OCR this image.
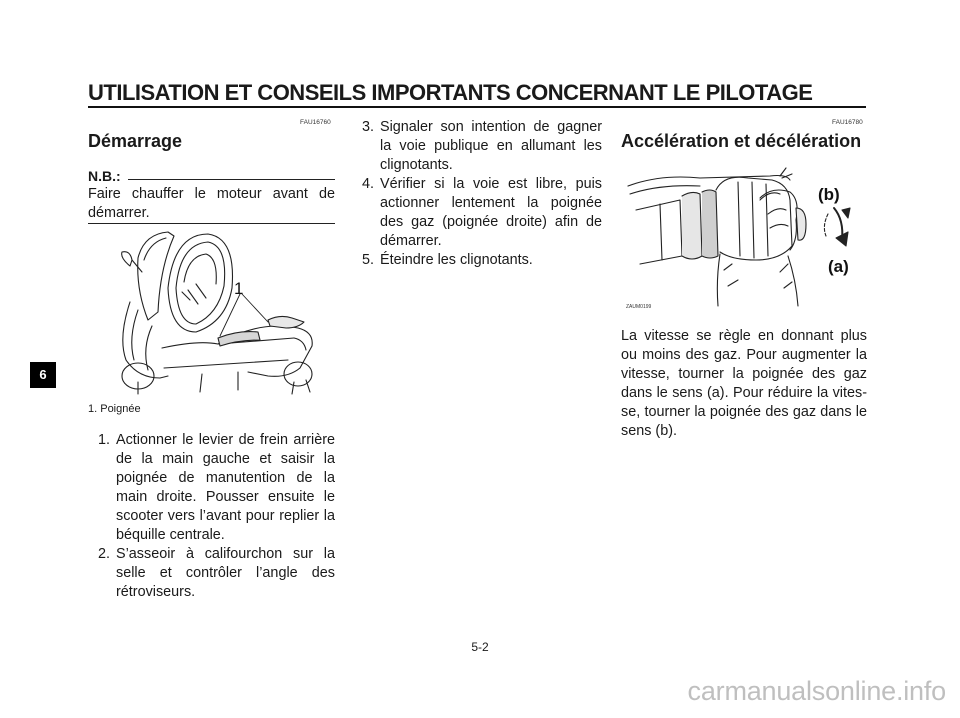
UTILISATION ET CONSEILS IMPORTANTS CONCERNANT LE PILOTAGE
6
FAU16760
Démarrage
N.B.:
Faire chauffer le moteur avant de démarrer.
1
1. Poignée
1. Actionner le levier de frein arrière de la main gauche et saisir la poignée de manutention de la main droite. Pousser ensuite le scooter vers l’avant pour replier la béquille centrale.
2. S’asseoir à califourchon sur la selle et contrôler l’angle des rétroviseurs.
3. Signaler son intention de gagner la voie publique en allumant les clignotants.
4. Vérifier si la voie est libre, puis actionner lentement la poignée des gaz (poignée droite) afin de démarrer.
5. Éteindre les clignotants.
FAU16780
Accélération et décélération
(b)
(a)
ZAUM0199
La vitesse se règle en donnant plus ou moins des gaz. Pour augmenter la vitesse, tourner la poignée des gaz dans le sens (a). Pour réduire la vites-se, tourner la poignée des gaz dans le sens (b).
5-2
carmanualsonline.info
